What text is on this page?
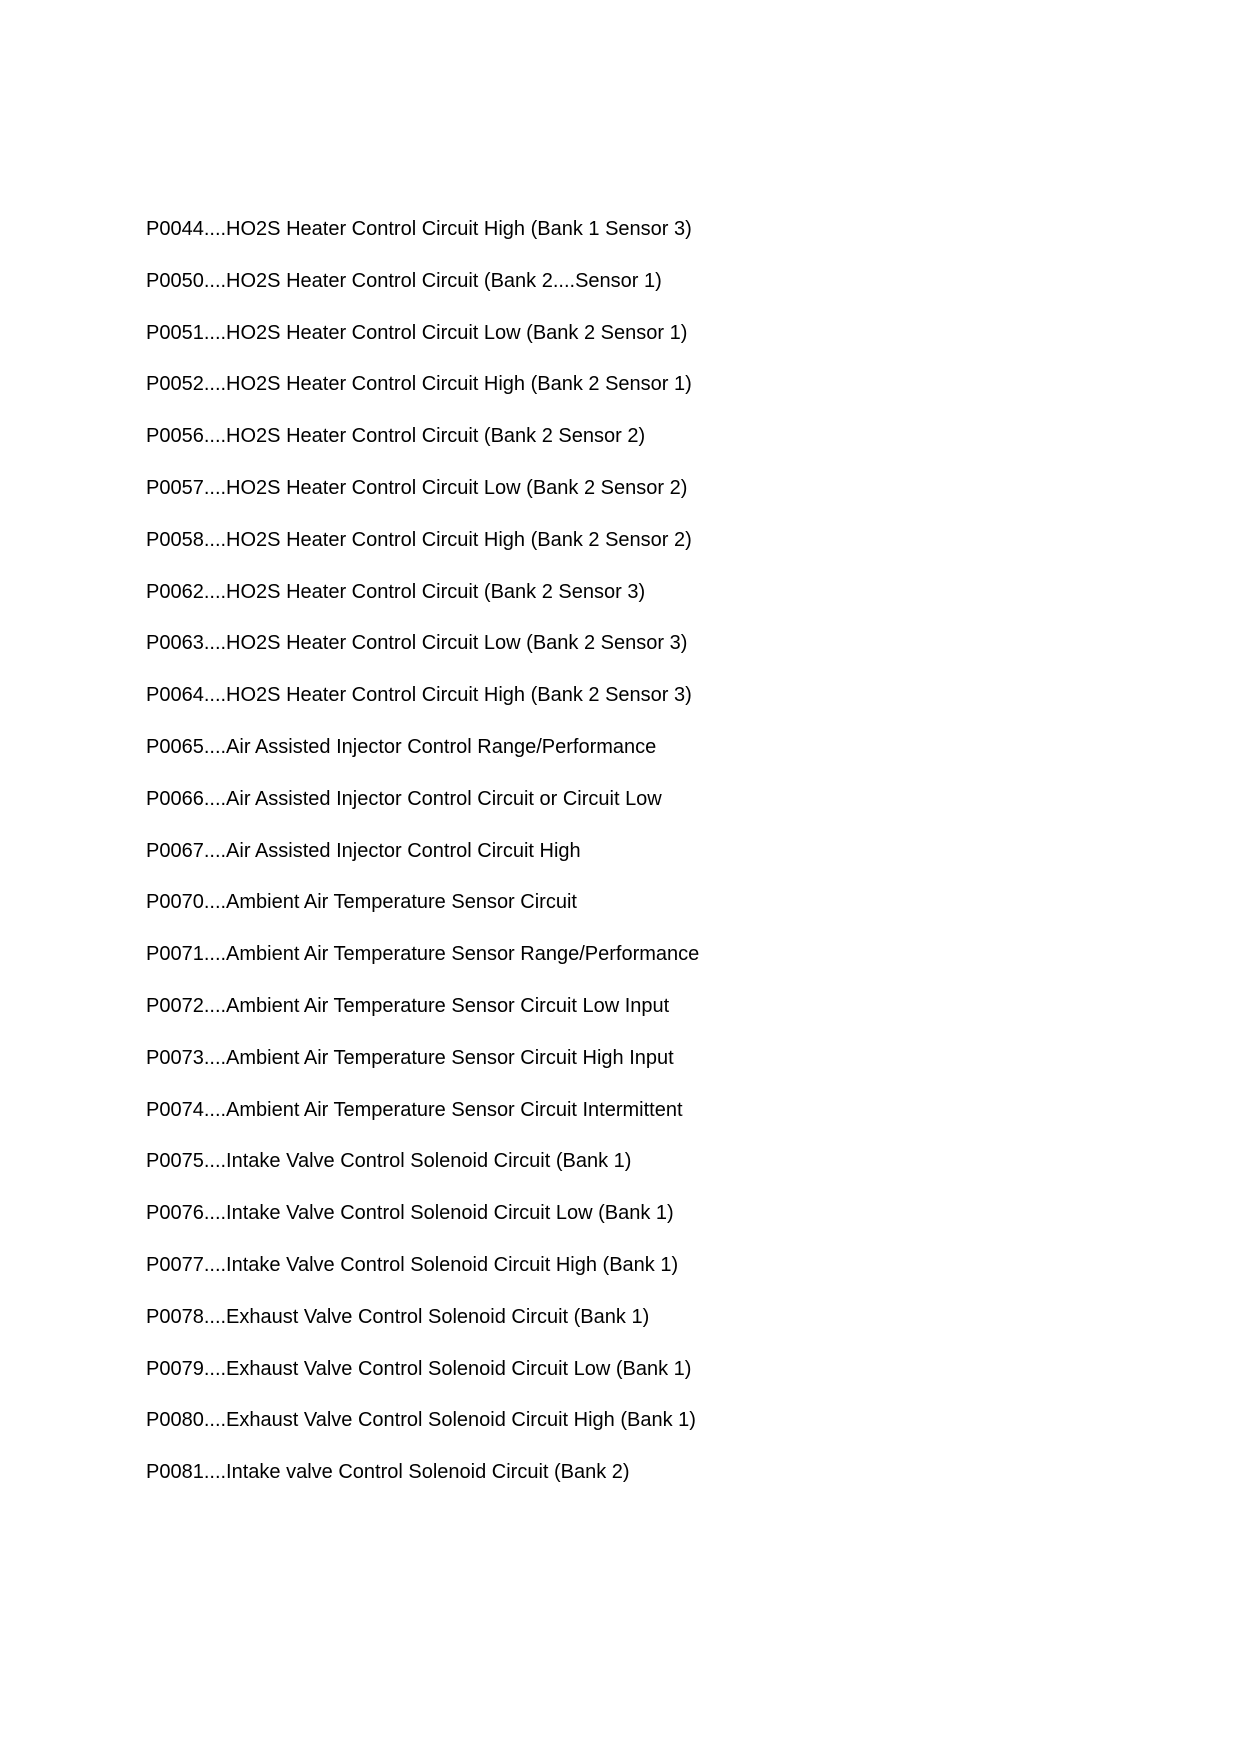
P0044....HO2S Heater Control Circuit High (Bank 1 Sensor 3)
P0050....HO2S Heater Control Circuit (Bank 2....Sensor 1)
P0051....HO2S Heater Control Circuit Low (Bank 2 Sensor 1)
P0052....HO2S Heater Control Circuit High (Bank 2 Sensor 1)
P0056....HO2S Heater Control Circuit (Bank 2 Sensor 2)
P0057....HO2S Heater Control Circuit Low (Bank 2 Sensor 2)
P0058....HO2S Heater Control Circuit High (Bank 2 Sensor 2)
P0062....HO2S Heater Control Circuit (Bank 2 Sensor 3)
P0063....HO2S Heater Control Circuit Low (Bank 2 Sensor 3)
P0064....HO2S Heater Control Circuit High (Bank 2 Sensor 3)
P0065....Air Assisted Injector Control Range/Performance
P0066....Air Assisted Injector Control Circuit or Circuit Low
P0067....Air Assisted Injector Control Circuit High
P0070....Ambient Air Temperature Sensor Circuit
P0071....Ambient Air Temperature Sensor Range/Performance
P0072....Ambient Air Temperature Sensor Circuit Low Input
P0073....Ambient Air Temperature Sensor Circuit High Input
P0074....Ambient Air Temperature Sensor Circuit Intermittent
P0075....Intake Valve Control Solenoid Circuit (Bank 1)
P0076....Intake Valve Control Solenoid Circuit Low (Bank 1)
P0077....Intake Valve Control Solenoid Circuit High (Bank 1)
P0078....Exhaust Valve Control Solenoid Circuit (Bank 1)
P0079....Exhaust Valve Control Solenoid Circuit Low (Bank 1)
P0080....Exhaust Valve Control Solenoid Circuit High (Bank 1)
P0081....Intake valve Control Solenoid Circuit (Bank 2)
